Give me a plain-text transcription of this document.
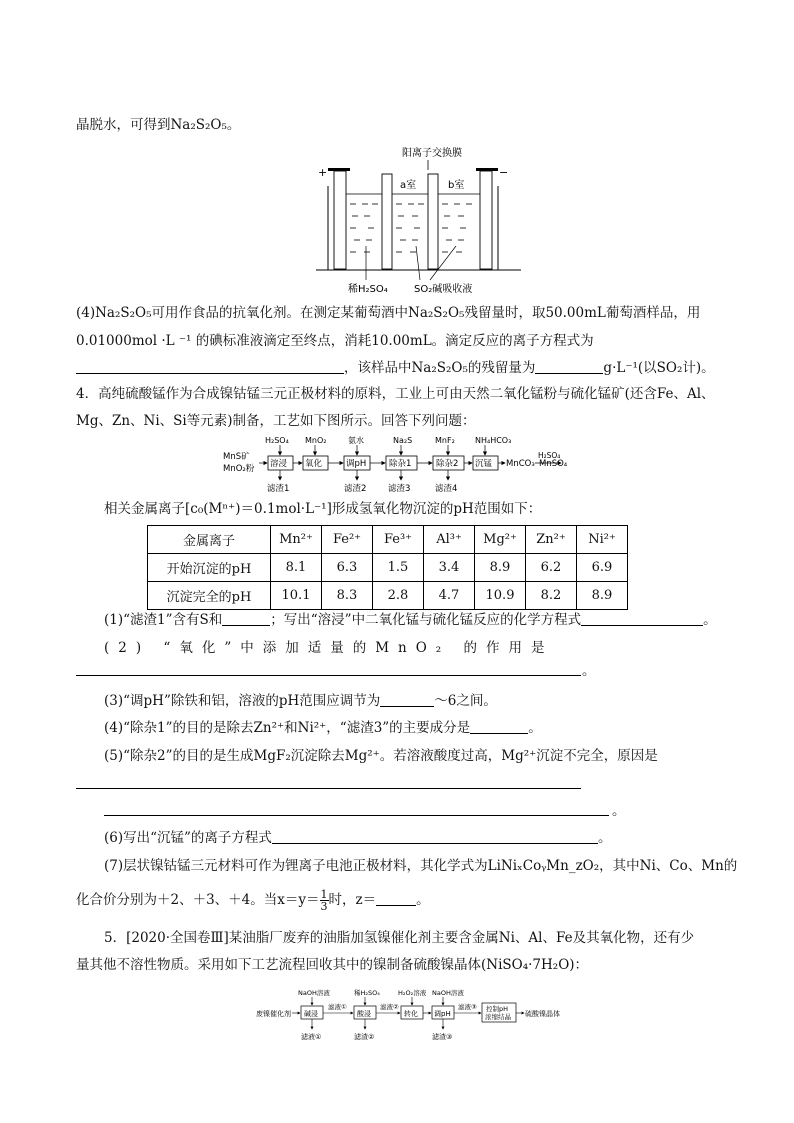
晶脱水，可得到Na₂S₂O₅。
阳离子交换膜
+	−
a室	b室
稀H₂SO₄	SO₂碱吸收液
(4)Na₂S₂O₅可用作食品的抗氧化剂。在测定某葡萄酒中Na₂S₂O₅残留量时，取50.00mL葡萄酒样品，用
0.01000mol ·L ⁻¹ 的碘标准液滴定至终点，消耗10.00mL。滴定反应的离子方程式为
，该样品中Na₂S₂O₅的残留量为	g·L⁻¹(以SO₂计)。
4．高纯硫酸锰作为合成镍钴锰三元正极材料的原料，工业上可由天然二氧化锰粉与硫化锰矿(还含Fe、Al、
Mg、Zn、Ni、Si等元素)制备，工艺如下图所示。回答下列问题：
MnS矿
MnO₂粉 溶浸 氧化	调pH	除杂1	除杂2 沉锰
H₂SO₄ MnO₂	氨水	Na₂S	MnF₂	NH₄HCO₃
滤渣1	滤渣2	滤渣3	滤渣4
MnCO₃
H₂SO₄
MnSO₄
相关金属离子[c₀(Mⁿ⁺)＝0.1mol·L⁻¹]形成氢氧化物沉淀的pH范围如下：
金属离子	Mn²⁺	Fe²⁺	Fe³⁺	Al³⁺	Mg²⁺	Zn²⁺	Ni²⁺
开始沉淀的pH	8.1	6.3	1.5	3.4	8.9	6.2	6.9
沉淀完全的pH	10.1	8.3	2.8	4.7	10.9	8.2	8.9
(1)“滤渣1”含有S和	；写出“溶浸”中二氧化锰与硫化锰反应的化学方程式	。
(2) “氧化”中添加适量的MnO₂ 的作用是
。
(3)“调pH”除铁和铝，溶液的pH范围应调节为	～6之间。
(4)“除杂1”的目的是除去Zn²⁺和Ni²⁺，“滤渣3”的主要成分是	。
(5)“除杂2”的目的是生成MgF₂沉淀除去Mg²⁺。若溶液酸度过高，Mg²⁺沉淀不完全，原因是
。
(6)写出“沉锰”的离子方程式	。
(7)层状镍钴锰三元材料可作为锂离子电池正极材料，其化学式为LiNiₓCoᵧMn_zO₂，其中Ni、Co、Mn的
化合价分别为＋2、＋3、＋4。当$x=y= \frac{1}{3}$ 时，z＝	。
5．[2020·全国卷Ⅲ]某油脂厂废弃的油脂加氢镍催化剂主要含金属Ni、Al、Fe及其氧化物，还有少
量其他不溶性物质。采用如下工艺流程回收其中的镍制备硫酸镍晶体(NiSO₄·7H₂O)：
废镍催化剂 碱浸	酸浸	转化 调pH
控制pH
浓缩结晶
NaOH溶液	稀H₂SO₄	H₂O₂溶液 NaOH溶液
滤液①	滤液②	滤液③
滤液①	滤渣②	滤渣③
硫酸镍晶体
